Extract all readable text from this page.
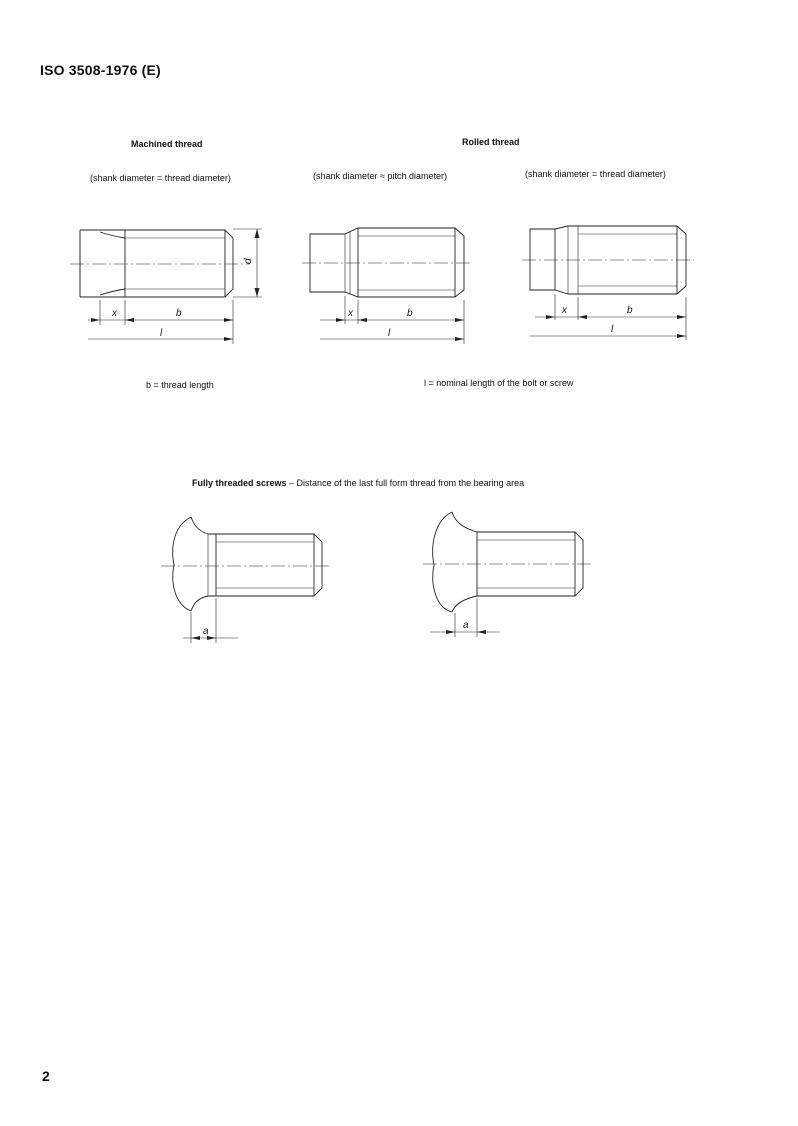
ISO 3508-1976 (E)
Machined thread	Rolled thread
(shank diameter = thread diameter)	(shank diameter ≈ pitch diameter)	(shank diameter = thread diameter)
d
x	b
l
x	b
l
x	b
l
a
a
b = thread length	l = nominal length of the bolt or screw
Fully threaded screws – Distance of the last full form thread from the bearing area
2
